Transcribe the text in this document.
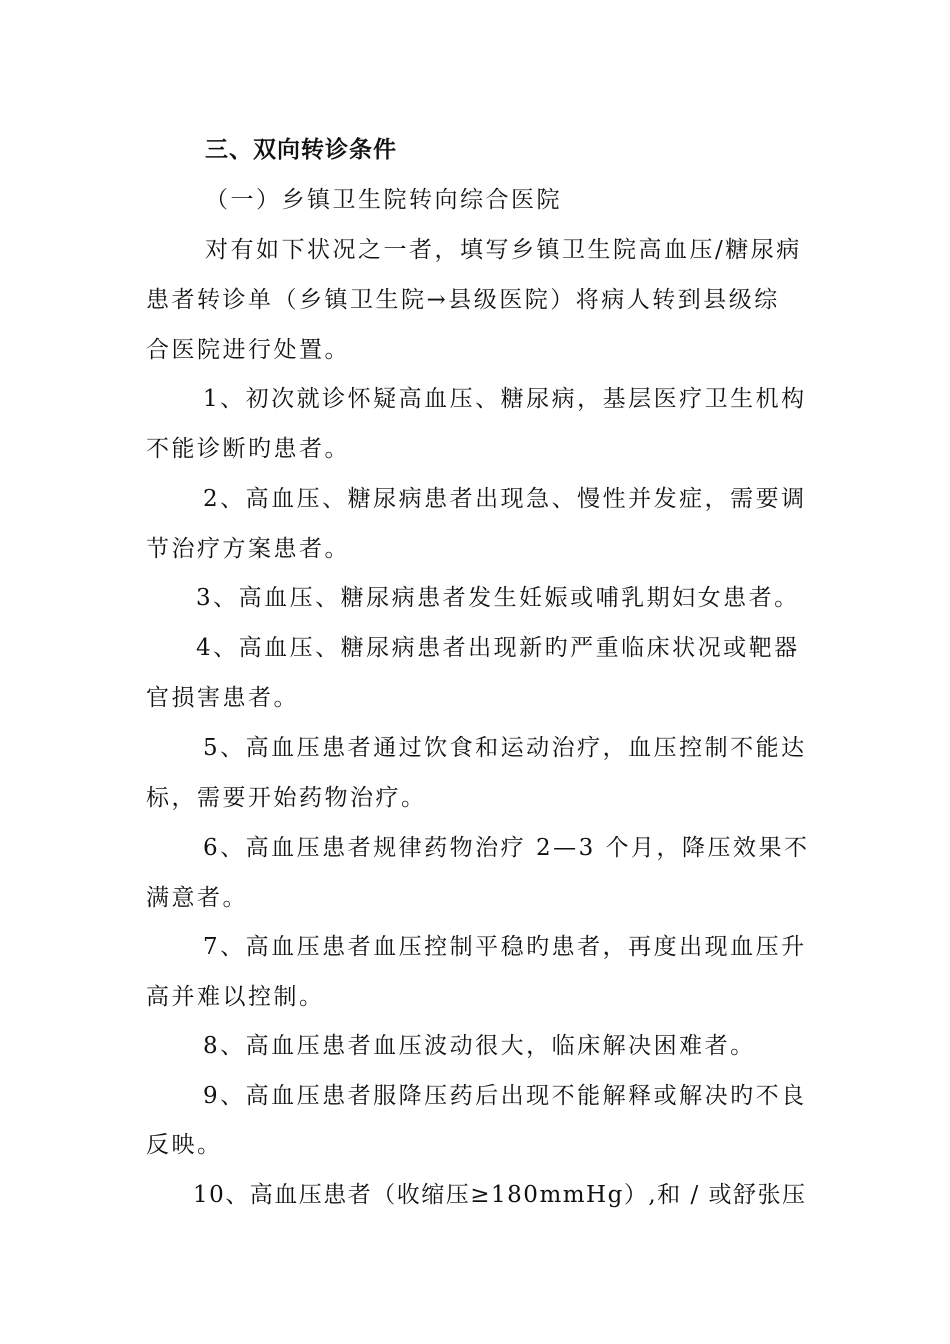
三、双向转诊条件
（一）乡镇卫生院转向综合医院
对有如下状况之一者，填写乡镇卫生院高血压/糖尿病
患者转诊单（乡镇卫生院→县级医院）将病人转到县级综
合医院进行处置。
1、初次就诊怀疑高血压、糖尿病，基层医疗卫生机构
不能诊断旳患者。
2、高血压、糖尿病患者出现急、慢性并发症，需要调
节治疗方案患者。
3、高血压、糖尿病患者发生妊娠或哺乳期妇女患者。
4、高血压、糖尿病患者出现新旳严重临床状况或靶器
官损害患者。
5、高血压患者通过饮食和运动治疗，血压控制不能达
标，需要开始药物治疗。
6、高血压患者规律药物治疗 2—3 个月，降压效果不
满意者。
7、高血压患者血压控制平稳旳患者，再度出现血压升
高并难以控制。
8、高血压患者血压波动很大，临床解决困难者。
9、高血压患者服降压药后出现不能解释或解决旳不良
反映。
10、高血压患者（收缩压≥180mmHg）,和 / 或舒张压
